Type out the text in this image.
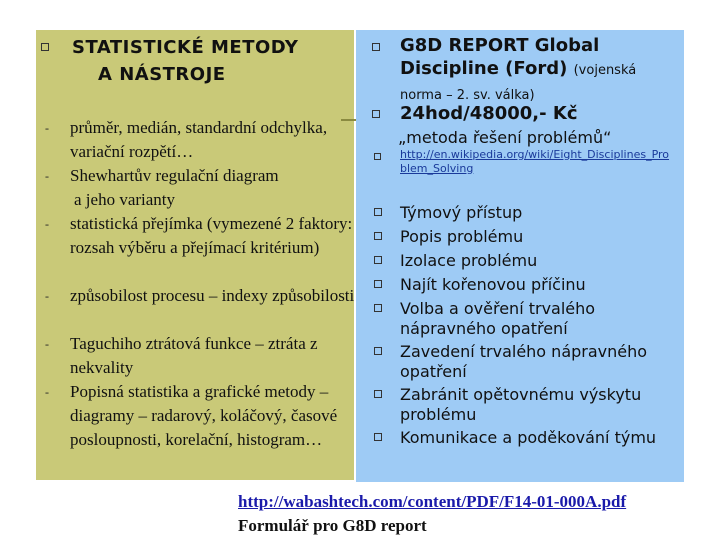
STATISTICKÉ METODY
A NÁSTROJE
-
-
-
-
-
-
průměr, medián, standardní odchylka, variační rozpětí…
Shewhartův regulační diagram
a jeho varianty
statistická přejímka (vymezené 2 faktory: rozsah výběru a přejímací kritérium)
způsobilost procesu – indexy způsobilosti
Taguchiho ztrátová funkce – ztráta z nekvality
Popisná statistika a grafické metody – diagramy – radarový, koláčový, časové posloupnosti, korelační, histogram…
G8D REPORT Global Discipline (Ford) (vojenská norma – 2. sv. válka)
24hod/48000,- Kč
„metoda řešení problémů“
http://en.wikipedia.org/wiki/Eight_Disciplines_Problem_Solving
Týmový přístup
Popis problému
Izolace problému
Najít kořenovou příčinu
Volba a ověření trvalého nápravného opatření
Zavedení trvalého nápravného opatření
Zabránit opětovnému výskytu problému
Komunikace a poděkování týmu
http://wabashtech.com/content/PDF/F14-01-000A.pdf
Formulář pro G8D report
